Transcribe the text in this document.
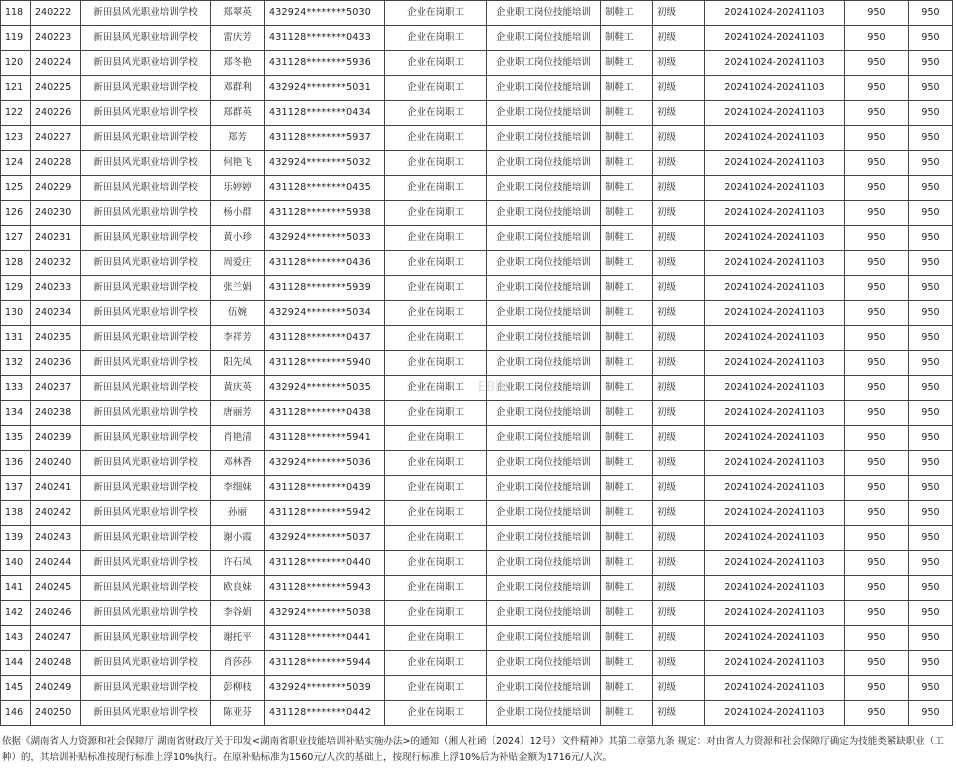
118	240222	新田县风光职业培训学校	郑翠英	432924********5030	企业在岗职工	企业职工岗位技能培训	制鞋工	初级	20241024-20241103	950	950
119	240223	新田县风光职业培训学校	雷庆芳	431128********0433	企业在岗职工	企业职工岗位技能培训	制鞋工	初级	20241024-20241103	950	950
120	240224	新田县风光职业培训学校	郑冬艳	431128********5936	企业在岗职工	企业职工岗位技能培训	制鞋工	初级	20241024-20241103	950	950
121	240225	新田县风光职业培训学校	邓群利	432924********5031	企业在岗职工	企业职工岗位技能培训	制鞋工	初级	20241024-20241103	950	950
122	240226	新田县风光职业培训学校	郑群英	431128********0434	企业在岗职工	企业职工岗位技能培训	制鞋工	初级	20241024-20241103	950	950
123	240227	新田县风光职业培训学校	郑芳	431128********5937	企业在岗职工	企业职工岗位技能培训	制鞋工	初级	20241024-20241103	950	950
124	240228	新田县风光职业培训学校	何艳飞	432924********5032	企业在岗职工	企业职工岗位技能培训	制鞋工	初级	20241024-20241103	950	950
125	240229	新田县风光职业培训学校	乐婷婷	431128********0435	企业在岗职工	企业职工岗位技能培训	制鞋工	初级	20241024-20241103	950	950
126	240230	新田县风光职业培训学校	杨小群	431128********5938	企业在岗职工	企业职工岗位技能培训	制鞋工	初级	20241024-20241103	950	950
127	240231	新田县风光职业培训学校	黄小珍	432924********5033	企业在岗职工	企业职工岗位技能培训	制鞋工	初级	20241024-20241103	950	950
128	240232	新田县风光职业培训学校	周爱庄	431128********0436	企业在岗职工	企业职工岗位技能培训	制鞋工	初级	20241024-20241103	950	950
129	240233	新田县风光职业培训学校	张兰娟	431128********5939	企业在岗职工	企业职工岗位技能培训	制鞋工	初级	20241024-20241103	950	950
130	240234	新田县风光职业培训学校	伍婉	432924********5034	企业在岗职工	企业职工岗位技能培训	制鞋工	初级	20241024-20241103	950	950
131	240235	新田县风光职业培训学校	李祥芳	431128********0437	企业在岗职工	企业职工岗位技能培训	制鞋工	初级	20241024-20241103	950	950
132	240236	新田县风光职业培训学校	阳先凤	431128********5940	企业在岗职工	企业职工岗位技能培训	制鞋工	初级	20241024-20241103	950	950
133	240237	新田县风光职业培训学校	黄庆英	432924********5035	企业在岗职工	企业职工岗位技能培训	制鞋工	初级	20241024-20241103	950	950
134	240238	新田县风光职业培训学校	唐丽芳	431128********0438	企业在岗职工	企业职工岗位技能培训	制鞋工	初级	20241024-20241103	950	950
135	240239	新田县风光职业培训学校	肖艳清	431128********5941	企业在岗职工	企业职工岗位技能培训	制鞋工	初级	20241024-20241103	950	950
136	240240	新田县风光职业培训学校	邓林香	432924********5036	企业在岗职工	企业职工岗位技能培训	制鞋工	初级	20241024-20241103	950	950
137	240241	新田县风光职业培训学校	李细妹	431128********0439	企业在岗职工	企业职工岗位技能培训	制鞋工	初级	20241024-20241103	950	950
138	240242	新田县风光职业培训学校	孙丽	431128********5942	企业在岗职工	企业职工岗位技能培训	制鞋工	初级	20241024-20241103	950	950
139	240243	新田县风光职业培训学校	谢小霞	432924********5037	企业在岗职工	企业职工岗位技能培训	制鞋工	初级	20241024-20241103	950	950
140	240244	新田县风光职业培训学校	许石凤	431128********0440	企业在岗职工	企业职工岗位技能培训	制鞋工	初级	20241024-20241103	950	950
141	240245	新田县风光职业培训学校	欧良妹	431128********5943	企业在岗职工	企业职工岗位技能培训	制鞋工	初级	20241024-20241103	950	950
142	240246	新田县风光职业培训学校	李谷娟	432924********5038	企业在岗职工	企业职工岗位技能培训	制鞋工	初级	20241024-20241103	950	950
143	240247	新田县风光职业培训学校	谢托平	431128********0441	企业在岗职工	企业职工岗位技能培训	制鞋工	初级	20241024-20241103	950	950
144	240248	新田县风光职业培训学校	肖莎莎	431128********5944	企业在岗职工	企业职工岗位技能培训	制鞋工	初级	20241024-20241103	950	950
145	240249	新田县风光职业培训学校	彭柳枝	432924********5039	企业在岗职工	企业职工岗位技能培训	制鞋工	初级	20241024-20241103	950	950
146	240250	新田县风光职业培训学校	陈亚芬	431128********0442	企业在岗职工	企业职工岗位技能培训	制鞋工	初级	20241024-20241103	950	950
ЕВ网
依据《湖南省人力资源和社会保障厅 湖南省财政厅关于印发<湖南省职业技能培训补贴实施办法>的通知（湘人社函〔2024〕12号）文件精神》其第二章第九条 规定：对由省人力资源和社会保障厅确定为技能类紧缺职业（工种）的，其培训补贴标准按现行标准上浮10%执行。在原补贴标准为1560元/人次的基础上，按现行标准上浮10%后为补贴金额为1716元/人次。
